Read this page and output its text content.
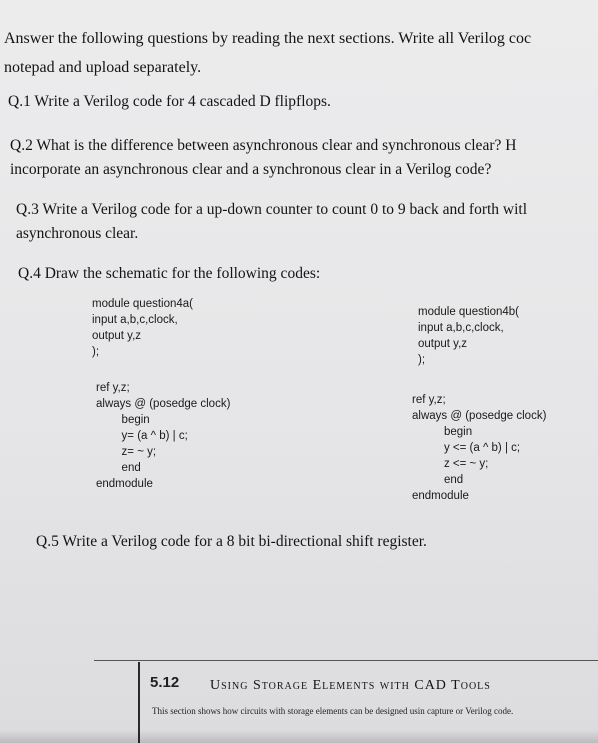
Answer the following questions by reading the next sections. Write all Verilog coc
notepad and upload separately.
Q.1 Write a Verilog code for 4 cascaded D flipflops.
Q.2 What is the difference between asynchronous clear and synchronous clear? H
incorporate an asynchronous clear and a synchronous clear in a Verilog code?
Q.3 Write a Verilog code for a up-down counter to count 0 to 9 back and forth witl
asynchronous clear.
Q.4 Draw the schematic for the following codes:
module question4a(
input a,b,c,clock,
output y,z
);
ref y,z;
always @ (posedge clock)
begin
y= (a ^ b) | c;
z= ~ y;
end
endmodule
module question4b(
input a,b,c,clock,
output y,z
);
ref y,z;
always @ (posedge clock)
begin
y <= (a ^ b) | c;
z <= ~ y;
end
endmodule
Q.5 Write a Verilog code for a 8 bit bi-directional shift register.
5.12 Using Storage Elements with CAD Tools
This section shows how circuits with storage elements can be designed usin capture or Verilog code.
